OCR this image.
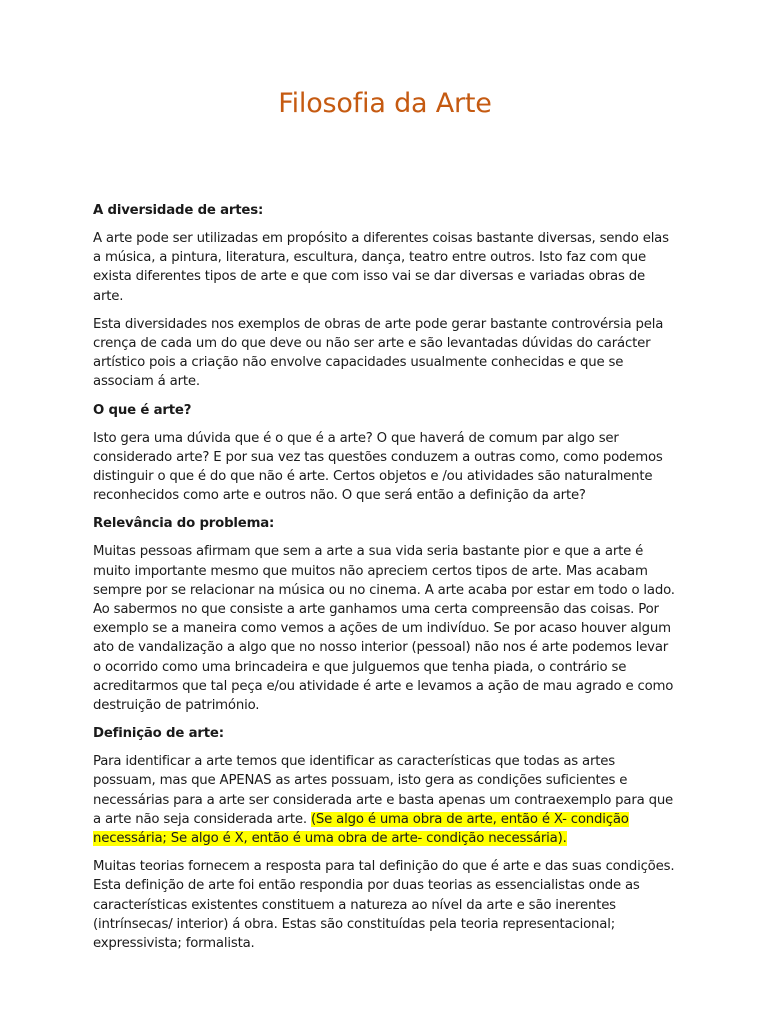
Filosofia da Arte

A diversidade de artes:

A arte pode ser utilizadas em propósito a diferentes coisas bastante diversas, sendo elas a música, a pintura, literatura, escultura, dança, teatro entre outros. Isto faz com que exista diferentes tipos de arte e que com isso vai se dar diversas e variadas obras de arte.

Esta diversidades nos exemplos de obras de arte pode gerar bastante controvérsia pela crença de cada um do que deve ou não ser arte e são levantadas dúvidas do carácter artístico pois a criação não envolve capacidades usualmente conhecidas e que se associam á arte.

O que é arte?

Isto gera uma dúvida que é o que é a arte? O que haverá de comum par algo ser considerado arte? E por sua vez tas questões conduzem a outras como, como podemos distinguir o que é do que não é arte. Certos objetos e /ou atividades são naturalmente reconhecidos como arte e outros não. O que será então a definição da arte?

Relevância do problema:

Muitas pessoas afirmam que sem a arte a sua vida seria bastante pior e que a arte é muito importante mesmo que muitos não apreciem certos tipos de arte. Mas acabam sempre por se relacionar na música ou no cinema. A arte acaba por estar em todo o lado. Ao sabermos no que consiste a arte ganhamos uma certa compreensão das coisas. Por exemplo se a maneira como vemos a ações de um indivíduo. Se por acaso houver algum ato de vandalização a algo que no nosso interior (pessoal) não nos é arte podemos levar o ocorrido como uma brincadeira e que julguemos que tenha piada, o contrário se acreditarmos que tal peça e/ou atividade é arte e levamos a ação de mau agrado e como destruição de património.

Definição de arte:

Para identificar a arte temos que identificar as características que todas as artes possuam, mas que APENAS as artes possuam, isto gera as condições suficientes e necessárias para a arte ser considerada arte e basta apenas um contraexemplo para que a arte não seja considerada arte. (Se algo é uma obra de arte, então é X- condição necessária; Se algo é X, então é uma obra de arte- condição necessária).

Muitas teorias fornecem a resposta para tal definição do que é arte e das suas condições. Esta definição de arte foi então respondia por duas teorias as essencialistas onde as características existentes constituem a natureza ao nível da arte e são inerentes (intrínsecas/ interior) á obra. Estas são constituídas pela teoria representacional; expressivista; formalista.
